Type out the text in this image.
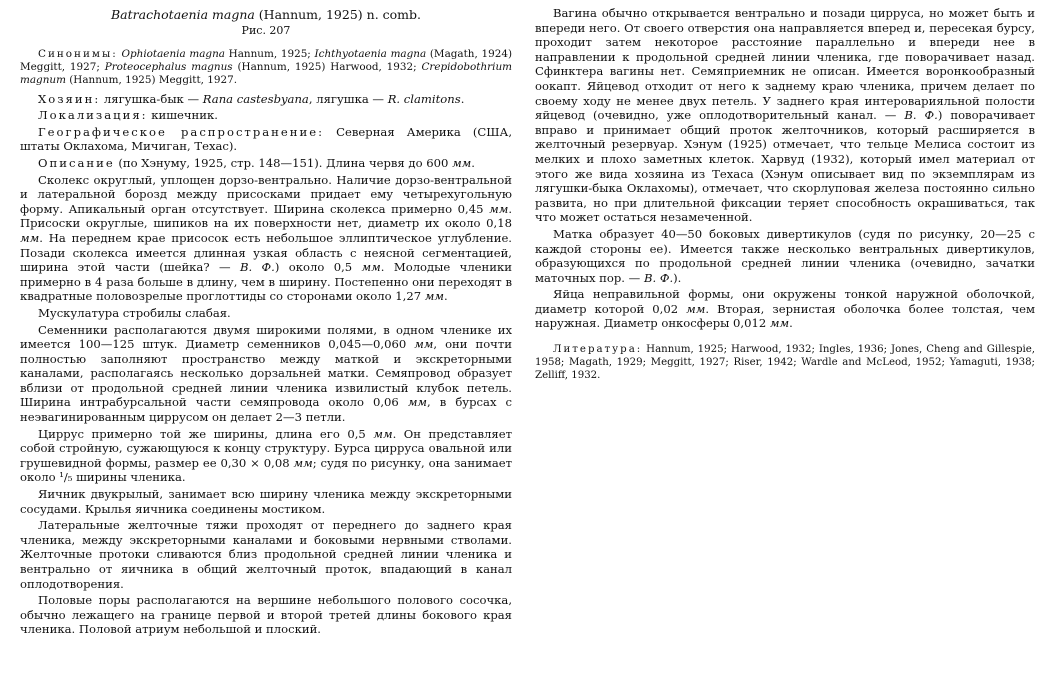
Batrachotaenia magna (Hannum, 1925) n. comb.

Рис. 207

Синонимы: Ophiotaenia magna Hannum, 1925; Ichthyotaenia magna (Magath, 1924) Meggitt, 1927; Proteocephalus magnus (Hannum, 1925) Harwood, 1932; Crepidobothrium magnum (Hannum, 1925) Meggitt, 1927.

Хозяин: лягушка-бык — Rana castesbyana, лягушка — R. clamitons.

Локализация: кишечник.

Географическое распространение: Северная Америка (США, штаты Оклахома, Мичиган, Техас).

Описание (по Хэнуму, 1925, стр. 148—151). Длина червя до 600 мм.

Сколекс округлый, уплощен дорзо-вентрально. Наличие дорзо-вентральной и латеральной борозд между присосками придает ему четырехугольную форму. Апикальный орган отсутствует. Ширина сколекса примерно 0,45 мм. Присоски округлые, шипиков на их поверхности нет, диаметр их около 0,18 мм. На переднем крае присосок есть небольшое эллиптическое углубление. Позади сколекса имеется длинная узкая область с неясной сегментацией, ширина этой части (шейка? — В. Ф.) около 0,5 мм. Молодые членики примерно в 4 раза больше в длину, чем в ширину. Постепенно они переходят в квадратные половозрелые проглоттиды со сторонами около 1,27 мм.

Мускулатура стробилы слабая.

Семенники располагаются двумя широкими полями, в одном членике их имеется 100—125 штук. Диаметр семенников 0,045—0,060 мм, они почти полностью заполняют пространство между маткой и экскреторными каналами, располагаясь несколько дорзальней матки. Семяпровод образует вблизи от продольной средней линии членика извилистый клубок петель. Ширина интрабурсальной части семяпровода около 0,06 мм, в бурсах с неэвагинированным циррусом он делает 2—3 петли.

Циррус примерно той же ширины, длина его 0,5 мм. Он представляет собой стройную, сужающуюся к концу структуру. Бурса цирруса овальной или грушевидной формы, размер ее 0,30 × 0,08 мм; судя по рисунку, она занимает около ¹/₅ ширины членика.

Яичник двукрылый, занимает всю ширину членика между экскреторными сосудами. Крылья яичника соединены мостиком.

Латеральные желточные тяжи проходят от переднего до заднего края членика, между экскреторными каналами и боковыми нервными стволами. Желточные протоки сливаются близ продольной средней линии членика и вентрально от яичника в общий желточный проток, впадающий в канал оплодотворения.

Половые поры располагаются на вершине небольшого полового сосочка, обычно лежащего на границе первой и второй третей длины бокового края членика. Половой атриум небольшой и плоский.

Вагина обычно открывается вентрально и позади цирруса, но может быть и впереди него. От своего отверстия она направляется вперед и, пересекая бурсу, проходит затем некоторое расстояние параллельно и впереди нее в направлении к продольной средней линии членика, где поворачивает назад. Сфинктера вагины нет. Семяприемник не описан. Имеется воронкообразный оокапт. Яйцевод отходит от него к заднему краю членика, причем делает по своему ходу не менее двух петель. У заднего края интероварияльной полости яйцевод (очевидно, уже оплодотворительный канал. — В. Ф.) поворачивает вправо и принимает общий проток желточников, который расширяется в желточный резервуар. Хэнум (1925) отмечает, что тельце Мелиса состоит из мелких и плохо заметных клеток. Харвуд (1932), который имел материал от этого же вида хозяина из Техаса (Хэнум описывает вид по экземплярам из лягушки-быка Оклахомы), отмечает, что скорлуповая железа постоянно сильно развита, но при длительной фиксации теряет способность окрашиваться, так что может остаться незамеченной.

Матка образует 40—50 боковых дивертикулов (судя по рисунку, 20—25 с каждой стороны ее). Имеется также несколько вентральных дивертикулов, образующихся по продольной средней линии членика (очевидно, зачатки маточных пор. — В. Ф.).

Яйца неправильной формы, они окружены тонкой наружной оболочкой, диаметр которой 0,02 мм. Вторая, зернистая оболочка более толстая, чем наружная. Диаметр онкосферы 0,012 мм.

Литература: Hannum, 1925; Harwood, 1932; Ingles, 1936; Jones, Cheng and Gillespie, 1958; Magath, 1929; Meggitt, 1927; Riser, 1942; Wardle and McLeod, 1952; Yamaguti, 1938; Zelliff, 1932.
